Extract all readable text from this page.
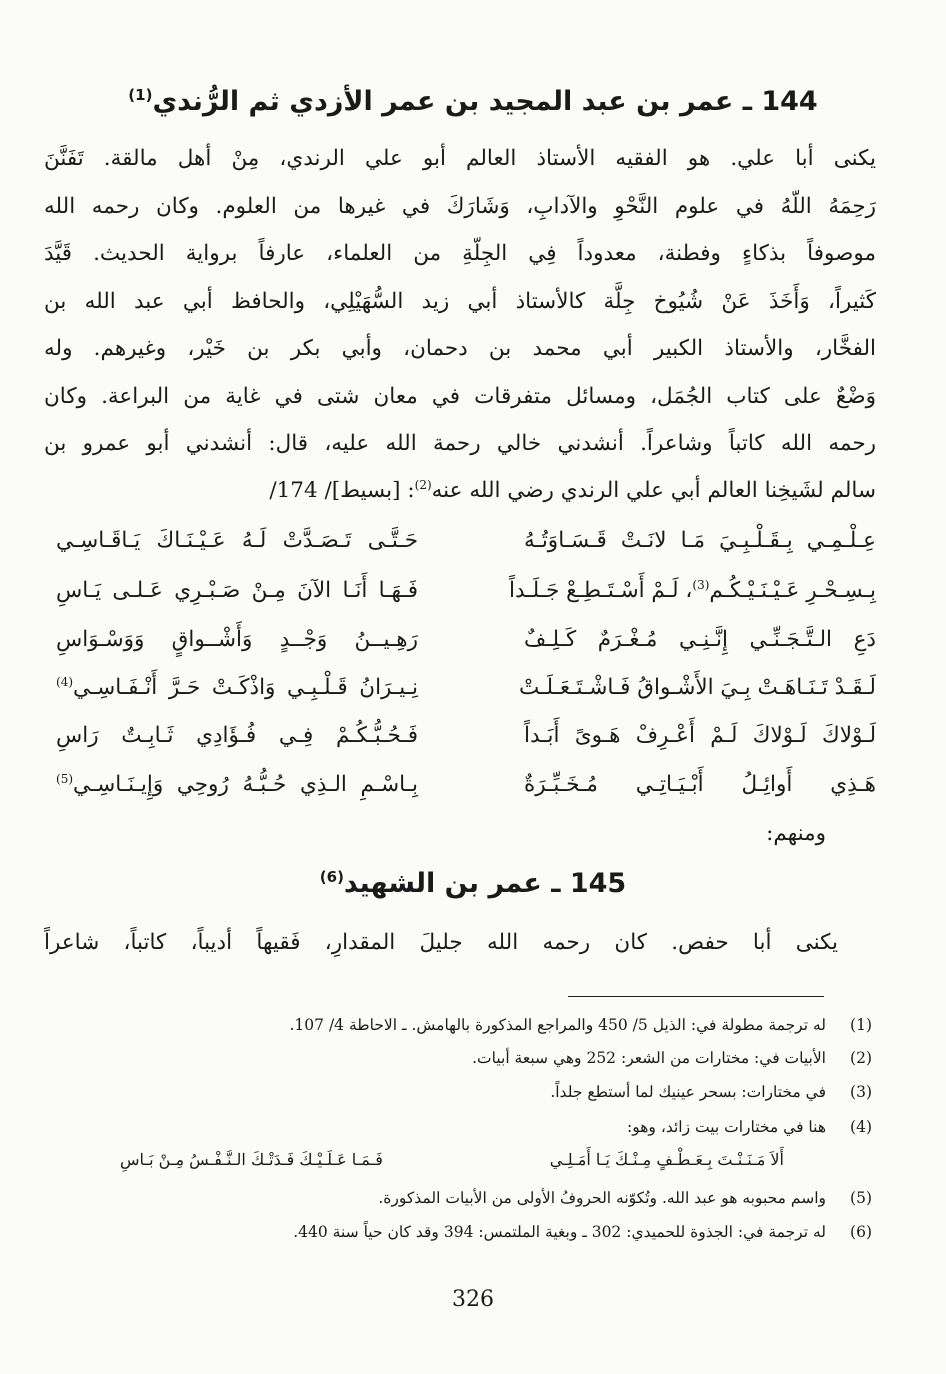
144 ـ عمر بن عبد المجيد بن عمر الأزدي ثم الرُّندي$^{(1)}$
يكنى أبا علي. هو الفقيه الأستاذ العالم أبو علي الرندي، مِنْ أهل مالقة. تَفَنَّنَ
رَحِمَهُ اللّهُ في علوم النَّحْوِ والآدابِ، وَشَارَكَ في غيرها من العلوم. وكان رحمه الله
موصوفاً بذكاءٍ وفطنة، معدوداً فِي الجِلّةِ من العلماء، عارفاً برواية الحديث. قَيَّدَ
كَثيراً، وَأَخَذَ عَنْ شُيُوخ جِلَّة كالأستاذ أبي زيد السُّهَيْلِي، والحافظ أبي عبد الله بن
الفخَّار، والأستاذ الكبير أبي محمد بن دحمان، وأبي بكر بن خَيْر، وغيرهم. وله
وَضْعٌ على كتاب الجُمَل، ومسائل متفرقات في معان شتى في غاية من البراعة. وكان
رحمه الله كاتباً وشاعراً. أنشدني خالي رحمة الله عليه، قال: أنشدني أبو عمرو بن
سالم لشَيخِنا العالم أبي علي الرندي رضي الله عنه$^{(2)}$: [بسيط]/ 174/
عِـلْـمِـي بِـقَـلْـبِـيَ مَـا لانَـتْ قَـسَـاوَتُـهُ
حَـتَّـى تَـصَـدَّتْ لَـهُ عَـيْـنَـاكَ يَـاقَـاسِـي
بِـسِـحْـرِ عَـيْـنَـيْـكُـم$^{(3)}$، لَـمْ أَسْـتَـطِـعْ جَـلَـداً
فَـهَـا أَنَـا الآنَ مِـنْ صَـبْـرِي عَـلـى يَـاسِ
دَعِ الـتَّـجَـنِّـي إِنَّـنِـي مُـغْـرَمٌ كَـلِـفٌ
رَهِـيــنُ وَجْــدٍ وَأَشْــواقٍ وَوَسْـوَاسِ
لَـقَـدْ تَـنَـاهَـتْ بِـيَ الأَشْـواقُ فَـاشْـتَـعَـلَـتْ
نِـيـرَانُ قَـلْـبِـي وَاذْكَـتْ حَـرَّ أَنْـفَـاسِـي$^{(4)}$
لَـوْلاكَ لَـوْلاكَ لَـمْ أَعْـرِفْ هَـوىً أَبَـداً
فَـحُـبُّـكُـمْ فِـي فُـؤَادِي ثَـابِـتٌ رَاسِ
هَـذِي أَوائِـلُ أَبْـيَـاتِـي مُـخَـبِّـرَةٌ
بِـاسْـمِ الـذِي حُـبُّـهُ رُوحِي وَإِيـنَـاسِـي$^{(5)}$
ومنهم:
145 ـ عمر بن الشهيد$^{(6)}$
يكنى أبا حفص. كان رحمه الله جليلَ المقدارِ، فَقيهاً أديباً، كاتباً، شاعراً
(1)
له ترجمة مطولة في: الذيل 5/ 450 والمراجع المذكورة بالهامش. ـ الاحاطة 4/ 107.
(2)
الأبيات في: مختارات من الشعر: 252 وهي سبعة أبيات.
(3)
في مختارات: بسحر عينيك لما أستطع جلداً.
(4)
هنا في مختارات بيت زائد، وهو:
أَلاَ مَـنَـنْـتَ بِـعَـطْـفٍ مِـنْـكَ يَـا أَمَـلِـي
فَـمَـا عَـلَـيْـكَ فَـدَتْـكَ الـنَّـفْـسُ مِـنْ بَـاسِ
(5)
واسم محبوبه هو عبد الله. وتُكوّنه الحروفُ الأولى من الأبيات المذكورة.
(6)
له ترجمة في: الجذوة للحميدي: 302 ـ وبغية الملتمس: 394 وقد كان حياً سنة 440.
326
